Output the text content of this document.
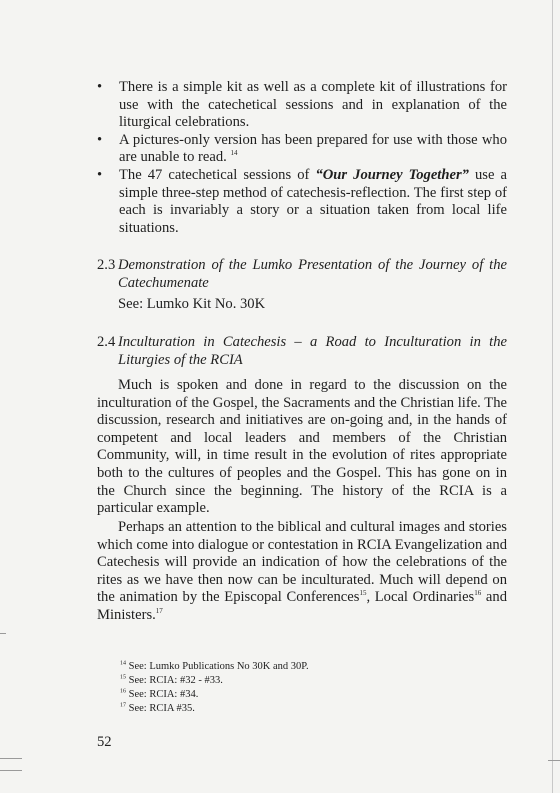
• There is a simple kit as well as a complete kit of illustrations for use with the catechetical sessions and in explanation of the liturgical celebrations.
• A pictures-only version has been prepared for use with those who are unable to read. $^{14}$
• The 47 catechetical sessions of “Our Journey Together” use a simple three-step method of catechesis-reflection. The first step of each is invariably a story or a situation taken from local life situations.
2.3 Demonstration of the Lumko Presentation of the Journey of the Catechumenate
See: Lumko Kit No. 30K
2.4 Inculturation in Catechesis – a Road to Inculturation in the Liturgies of the RCIA

Much is spoken and done in regard to the discussion on the inculturation of the Gospel, the Sacraments and the Christian life. The discussion, research and initiatives are on-going and, in the hands of competent and local leaders and members of the Christian Community, will, in time result in the evolution of rites appropriate both to the cultures of peoples and the Gospel. This has gone on in the Church since the beginning. The history of the RCIA is a particular example.

Perhaps an attention to the biblical and cultural images and stories which come into dialogue or contestation in RCIA Evangelization and Catechesis will provide an indication of how the celebrations of the rites as we have then now can be inculturated. Much will depend on the animation by the Episcopal Conferences$^{15}$, Local Ordinaries$^{16}$ and Ministers.$^{17}$

$^{14}$ See: Lumko Publications No 30K and 30P.
$^{15}$ See: RCIA: #32 - #33.
$^{16}$ See: RCIA: #34.
$^{17}$ See: RCIA #35.
52
